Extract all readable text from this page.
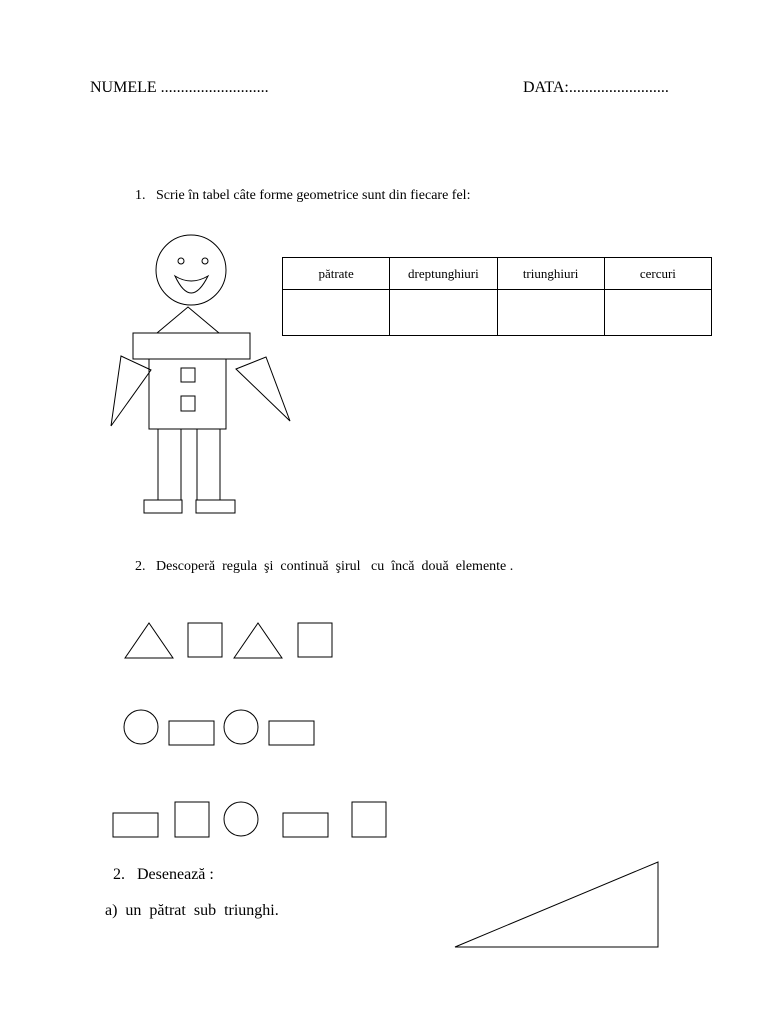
NUMELE ...........................	DATA:.........................
1.   Scrie în tabel câte forme geometrice sunt din fiecare fel:
pătrate	dreptunghiuri	triunghiuri	cercuri

2.   Descoperă  regula  şi  continuă  şirul   cu  încă  două  elemente .
2.   Desenează :
a)  un  pătrat  sub  triunghi.
